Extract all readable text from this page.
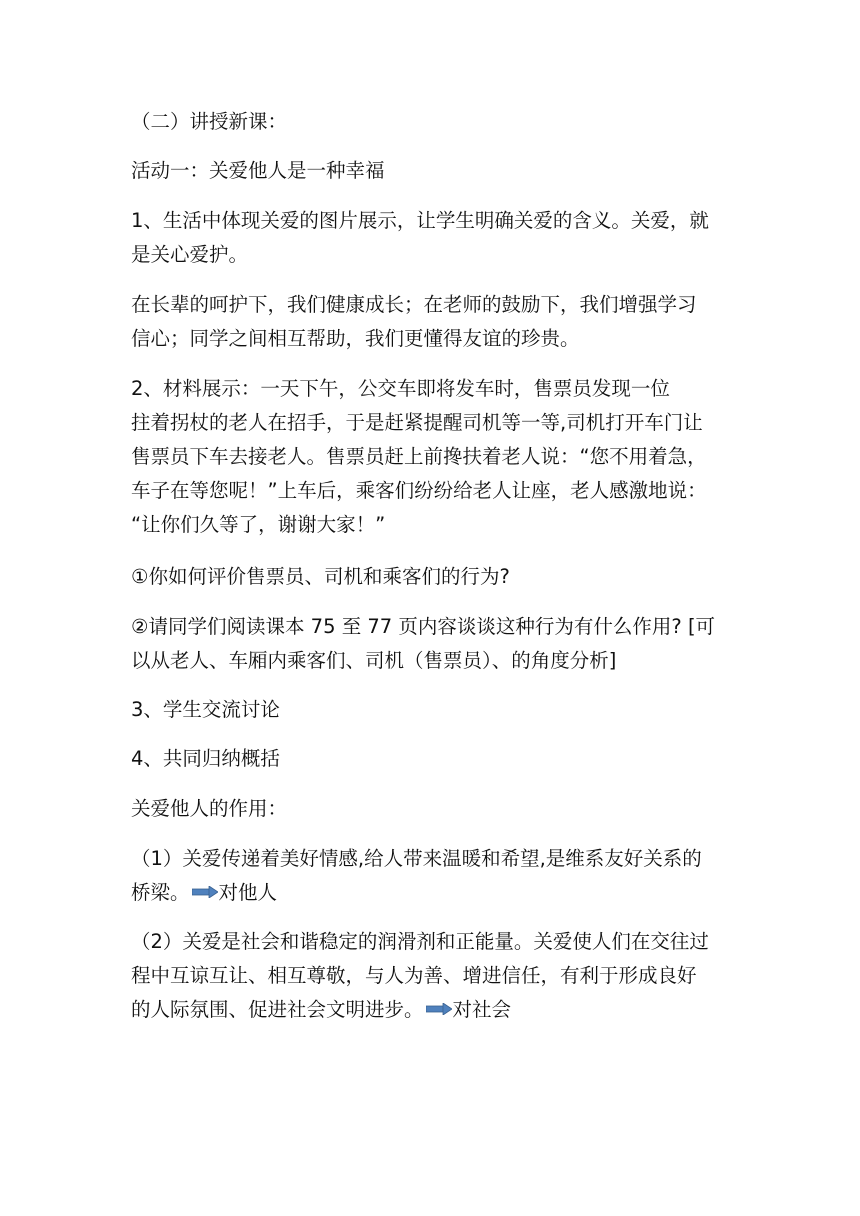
（二）讲授新课：

活动一：关爱他人是一种幸福

1、生活中体现关爱的图片展示，让学生明确关爱的含义。关爱，就
是关心爱护。

在长辈的呵护下，我们健康成长；在老师的鼓励下，我们增强学习
信心；同学之间相互帮助，我们更懂得友谊的珍贵。

2、材料展示：一天下午，公交车即将发车时，售票员发现一位
拄着拐杖的老人在招手，于是赶紧提醒司机等一等,司机打开车门让
售票员下车去接老人。售票员赶上前搀扶着老人说：“您不用着急，
车子在等您呢！”上车后，乘客们纷纷给老人让座，老人感激地说：
“让你们久等了，谢谢大家！”

①你如何评价售票员、司机和乘客们的行为?

②请同学们阅读课本 75 至 77 页内容谈谈这种行为有什么作用? [可
以从老人、车厢内乘客们、司机（售票员）、的角度分析]

3、学生交流讨论

4、共同归纳概括

关爱他人的作用：

（1）关爱传递着美好情感,给人带来温暖和希望,是维系友好关系的
桥梁。 对他人

（2）关爱是社会和谐稳定的润滑剂和正能量。关爱使人们在交往过
程中互谅互让、相互尊敬，与人为善、增进信任，有利于形成良好
的人际氛围、促进社会文明进步。 对社会
